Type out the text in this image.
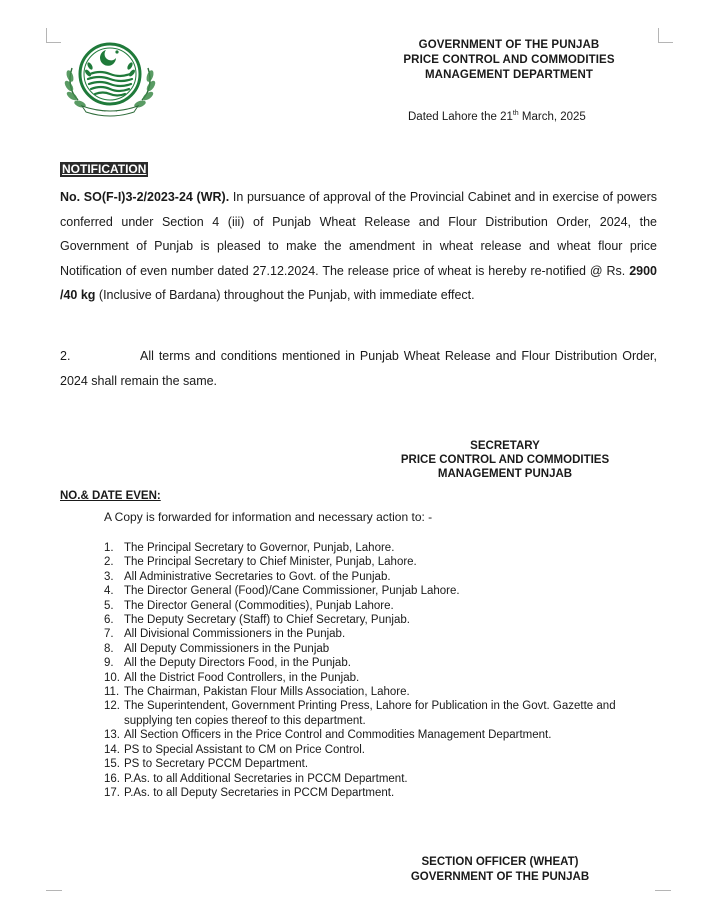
~ ~ ~
GOVERNMENT OF THE PUNJAB
PRICE CONTROL AND COMMODITIES
MANAGEMENT DEPARTMENT
Dated Lahore the 21th March, 2025
NOTIFICATION
No. SO(F-I)3-2/2023-24 (WR). In pursuance of approval of the Provincial Cabinet and in exercise of powers conferred under Section 4 (iii) of Punjab Wheat Release and Flour Distribution Order, 2024, the Government of Punjab is pleased to make the amendment in wheat release and wheat flour price Notification of even number dated 27.12.2024. The release price of wheat is hereby re-notified @ Rs. 2900 /40 kg (Inclusive of Bardana) throughout the Punjab, with immediate effect.
2.	All terms and conditions mentioned in Punjab Wheat Release and Flour Distribution Order, 2024 shall remain the same.
SECRETARY
PRICE CONTROL AND COMMODITIES
MANAGEMENT PUNJAB
NO.& DATE EVEN:
A Copy is forwarded for information and necessary action to: -
1. The Principal Secretary to Governor, Punjab, Lahore.
2. The Principal Secretary to Chief Minister, Punjab, Lahore.
3. All Administrative Secretaries to Govt. of the Punjab.
4. The Director General (Food)/Cane Commissioner, Punjab Lahore.
5. The Director General (Commodities), Punjab Lahore.
6. The Deputy Secretary (Staff) to Chief Secretary, Punjab.
7. All Divisional Commissioners in the Punjab.
8. All Deputy Commissioners in the Punjab
9. All the Deputy Directors Food, in the Punjab.
10. All the District Food Controllers, in the Punjab.
11. The Chairman, Pakistan Flour Mills Association, Lahore.
12. The Superintendent, Government Printing Press, Lahore for Publication in the Govt. Gazette and supplying ten copies thereof to this department.
13. All Section Officers in the Price Control and Commodities Management Department.
14. PS to Special Assistant to CM on Price Control.
15. PS to Secretary PCCM Department.
16. P.As. to all Additional Secretaries in PCCM Department.
17. P.As. to all Deputy Secretaries in PCCM Department.
SECTION OFFICER (WHEAT)
GOVERNMENT OF THE PUNJAB
